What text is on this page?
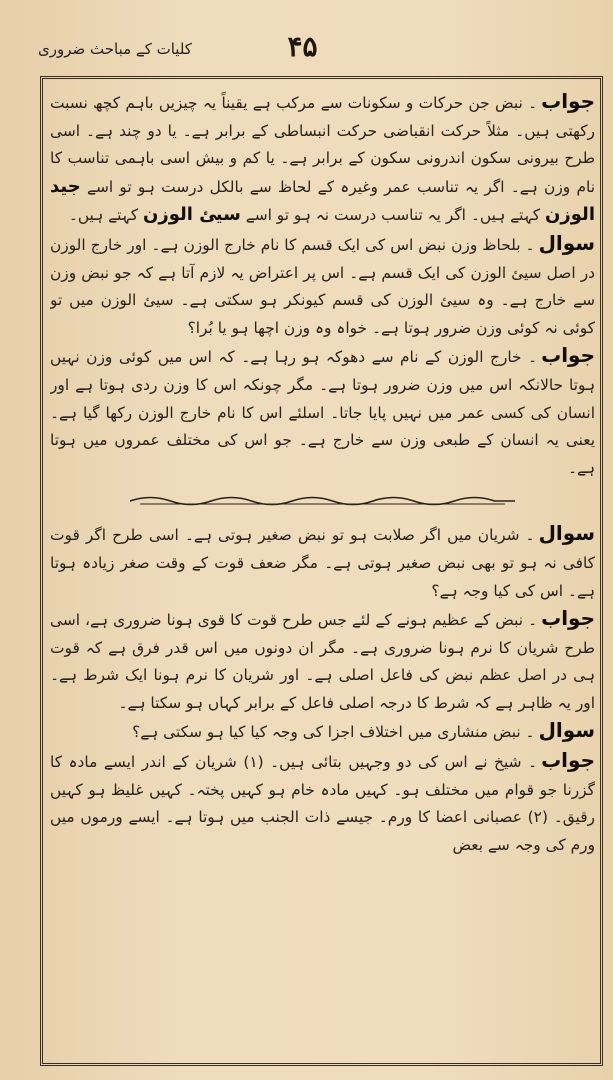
کلیات کے مباحث ضروری	۴۵

جواب۔ نبض جن حرکات و سکونات سے مرکب ہے یقیناً یہ چیزیں باہم کچھ نسبت رکھتی ہیں۔ مثلاً حرکت انقباضی حرکت انبساطی کے برابر ہے۔ یا دو چند ہے۔ اسی طرح بیرونی سکون اندرونی سکون کے برابر ہے۔ یا کم و بیش اسی باہمی تناسب کا نام وزن ہے۔ اگر یہ تناسب عمر وغیرہ کے لحاظ سے بالکل درست ہو تو اسے جید الوزن کہتے ہیں۔ اگر یہ تناسب درست نہ ہو تو اسے سیئ الوزن کہتے ہیں۔

سوال۔ بلحاظ وزن نبض اس کی ایک قسم کا نام خارج الوزن ہے۔ اور خارج الوزن در اصل سیئ الوزن کی ایک قسم ہے۔ اس پر اعتراض یہ لازم آتا ہے کہ جو نبض وزن سے خارج ہے۔ وہ سیئ الوزن کی قسم کیونکر ہو سکتی ہے۔ سیئ الوزن میں تو کوئی نہ کوئی وزن ضرور ہوتا ہے۔ خواہ وہ وزن اچھا ہو یا بُرا؟

جواب۔ خارج الوزن کے نام سے دھوکہ ہو رہا ہے۔ کہ اس میں کوئی وزن نہیں ہوتا حالانکہ اس میں وزن ضرور ہوتا ہے۔ مگر چونکہ اس کا وزن ردی ہوتا ہے اور انسان کی کسی عمر میں نہیں پایا جاتا۔ اسلئے اس کا نام خارج الوزن رکھا گیا ہے۔ یعنی یہ انسان کے طبعی وزن سے خارج ہے۔ جو اس کی مختلف عمروں میں ہوتا ہے۔

سوال۔ شریان میں اگر صلابت ہو تو نبض صغیر ہوتی ہے۔ اسی طرح اگر قوت کافی نہ ہو تو بھی نبض صغیر ہوتی ہے۔ مگر ضعف قوت کے وقت صغر زیادہ ہوتا ہے۔ اس کی کیا وجہ ہے؟

جواب۔ نبض کے عظیم ہونے کے لئے جس طرح قوت کا قوی ہونا ضروری ہے، اسی طرح شریان کا نرم ہونا ضروری ہے۔ مگر ان دونوں میں اس قدر فرق ہے کہ قوت ہی در اصل عظم نبض کی فاعل اصلی ہے۔ اور شریان کا نرم ہونا ایک شرط ہے۔ اور یہ ظاہر ہے کہ شرط کا درجہ اصلی فاعل کے برابر کہاں ہو سکتا ہے۔

سوال۔ نبض منشاری میں اختلاف اجزا کی وجہ کیا کیا ہو سکتی ہے؟

جواب۔ شیخ نے اس کی دو وجہیں بتائی ہیں۔ (۱) شریان کے اندر ایسے مادہ کا گزرنا جو قوام میں مختلف ہو۔ کہیں مادہ خام ہو کہیں پختہ۔ کہیں غلیظ ہو کہیں رقیق۔ (۲) عصبانی اعضا کا ورم۔ جیسے ذات الجنب میں ہوتا ہے۔ ایسے ورموں میں ورم کی وجہ سے بعض
